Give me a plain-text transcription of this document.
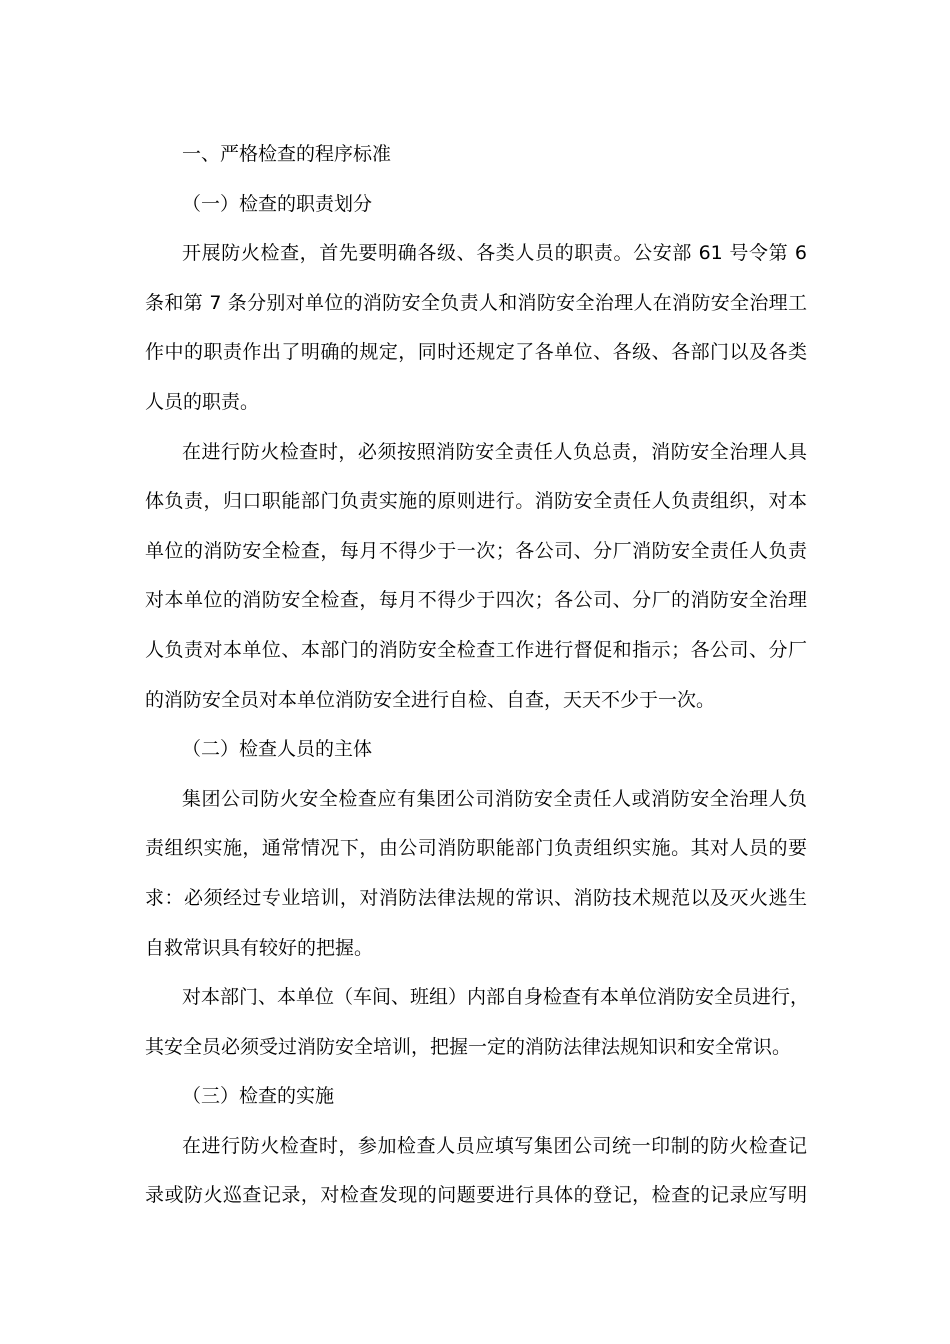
一、严格检查的程序标准

（一）检查的职责划分

开展防火检查，首先要明确各级、各类人员的职责。公安部 61 号令第 6
条和第 7 条分别对单位的消防安全负责人和消防安全治理人在消防安全治理工
作中的职责作出了明确的规定，同时还规定了各单位、各级、各部门以及各类
人员的职责。

在进行防火检查时，必须按照消防安全责任人负总责，消防安全治理人具
体负责，归口职能部门负责实施的原则进行。消防安全责任人负责组织，对本
单位的消防安全检查，每月不得少于一次；各公司、分厂消防安全责任人负责
对本单位的消防安全检查，每月不得少于四次；各公司、分厂的消防安全治理
人负责对本单位、本部门的消防安全检查工作进行督促和指示；各公司、分厂
的消防安全员对本单位消防安全进行自检、自查，天天不少于一次。

（二）检查人员的主体

集团公司防火安全检查应有集团公司消防安全责任人或消防安全治理人负
责组织实施，通常情况下，由公司消防职能部门负责组织实施。其对人员的要
求：必须经过专业培训，对消防法律法规的常识、消防技术规范以及灭火逃生
自救常识具有较好的把握。

对本部门、本单位（车间、班组）内部自身检查有本单位消防安全员进行，
其安全员必须受过消防安全培训，把握一定的消防法律法规知识和安全常识。

（三）检查的实施

在进行防火检查时，参加检查人员应填写集团公司统一印制的防火检查记
录或防火巡查记录，对检查发现的问题要进行具体的登记，检查的记录应写明
